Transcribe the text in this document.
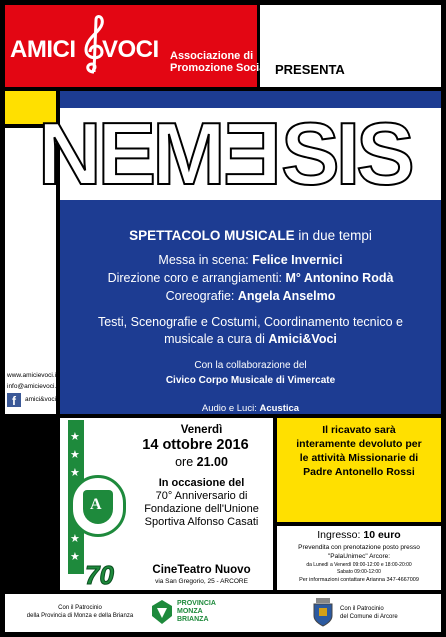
AMICI VOCI Associazione di
Promozione Sociale PRESENTA
www.amicievoci.it
info@amicievoci.it
f	amici&voci
NEM E SIS
SPETTACOLO MUSICALE in due tempi
Messa in scena: Felice Invernici
Direzione coro e arrangiamenti: M° Antonino Rodà
Coreografie: Angela Anselmo
Testi, Scenografie e Costumi, Coordinamento tecnico e
musicale a cura di Amici&Voci
Con la collaborazione del
Civico Corpo Musicale di Vimercate
Audio e Luci: Acustica
★
★
★
★
★
A
70
Venerdì
14 ottobre 2016
ore 21.00
In occasione del
70° Anniversario di
Fondazione dell'Unione
Sportiva Alfonso Casati
CineTeatro Nuovo
via San Gregorio, 25 - ARCORE
Il ricavato sarà
interamente devoluto per
le attività Missionarie di
Padre Antonello Rossi
Ingresso: 10 euro
Prevendita con prenotazione posto presso
"PalaUnimec" Arcore:
da Lunedì a Venerdì 09:00-12:00 e 18:00-20:00
Sabato 09:00-12:00
Per informazioni contattare Arianna 347-4667009
Con il Patrocinio
della Provincia di Monza e della Brianza
PROVINCIA
MONZA
BRIANZA
Con il Patrocinio
del Comune di Arcore
